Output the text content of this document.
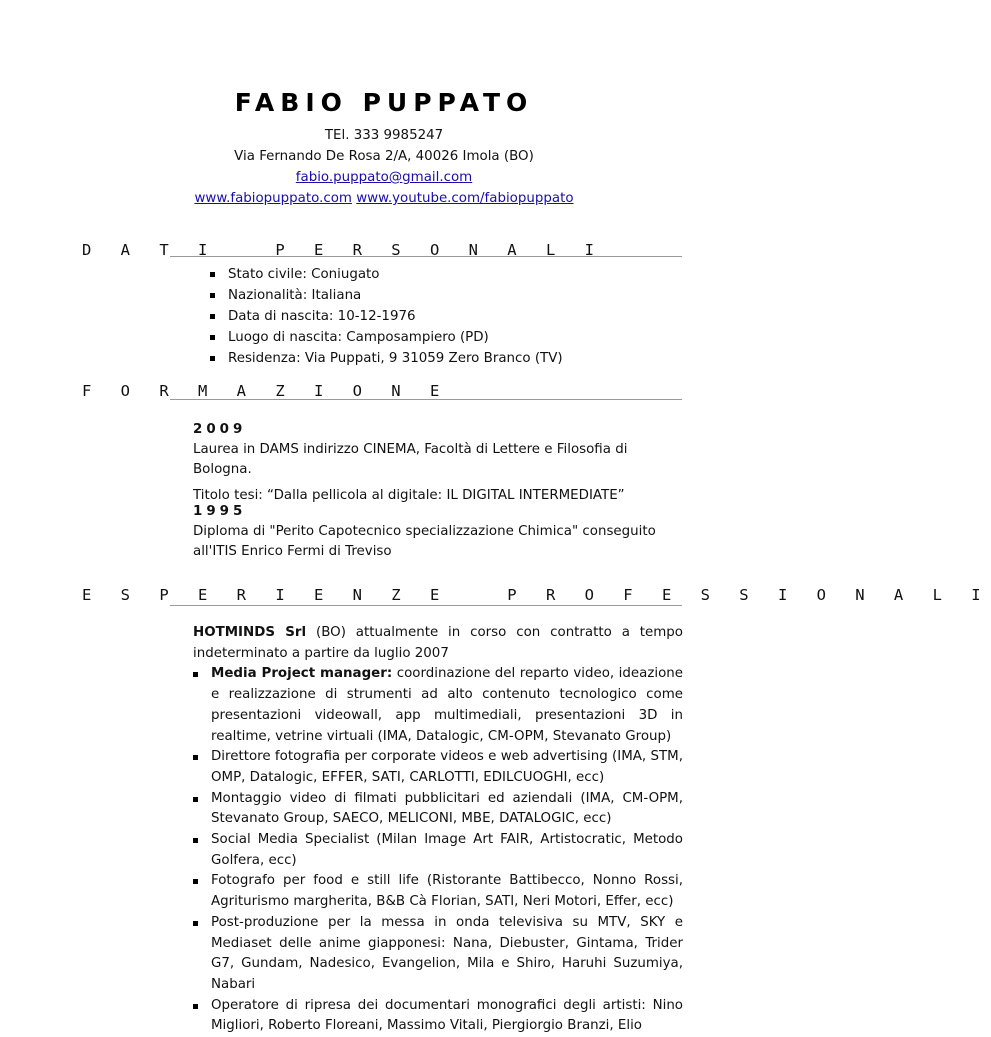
FABIO PUPPATO

TEl. 333 9985247

Via Fernando De Rosa 2/A, 40026 Imola (BO)

fabio.puppato@gmail.com

www.fabiopuppato.com www.youtube.com/fabiopuppato

D A T I   P E R S O N A L I
Stato civile: Coniugato
Nazionalità: Italiana
Data di nascita: 10-12-1976
Luogo di nascita: Camposampiero (PD)
Residenza: Via Puppati, 9 31059 Zero Branco (TV)
F O R M A Z I O N E
2009
Laurea in DAMS indirizzo CINEMA, Facoltà di Lettere e Filosofia di Bologna.
Titolo tesi: “Dalla pellicola al digitale: IL DIGITAL INTERMEDIATE”
1995
Diploma di "Perito Capotecnico specializzazione Chimica" conseguito all'ITIS Enrico Fermi di Treviso
E S P E R I E N Z E   P R O F E S S I O N A L I
HOTMINDS Srl (BO) attualmente in corso con contratto a tempo indeterminato a partire da luglio 2007
Media Project manager: coordinazione del reparto video, ideazione e realizzazione di strumenti ad alto contenuto tecnologico come presentazioni videowall, app multimediali, presentazioni 3D in realtime, vetrine virtuali (IMA, Datalogic, CM-OPM, Stevanato Group)
Direttore fotografia per corporate videos e web advertising (IMA, STM, OMP, Datalogic, EFFER, SATI, CARLOTTI, EDILCUOGHI, ecc)
Montaggio video di filmati pubblicitari ed aziendali (IMA, CM-OPM, Stevanato Group, SAECO, MELICONI, MBE, DATALOGIC, ecc)
Social Media Specialist (Milan Image Art FAIR, Artistocratic, Metodo Golfera, ecc)
Fotografo per food e still life (Ristorante Battibecco, Nonno Rossi, Agriturismo margherita, B&B Cà Florian, SATI, Neri Motori, Effer, ecc)
Post-produzione per la messa in onda televisiva su MTV, SKY e Mediaset delle anime giapponesi: Nana, Diebuster, Gintama, Trider G7, Gundam, Nadesico, Evangelion, Mila e Shiro, Haruhi Suzumiya, Nabari
Operatore di ripresa dei documentari monografici degli artisti: Nino Migliori, Roberto Floreani, Massimo Vitali, Piergiorgio Branzi, Elio
